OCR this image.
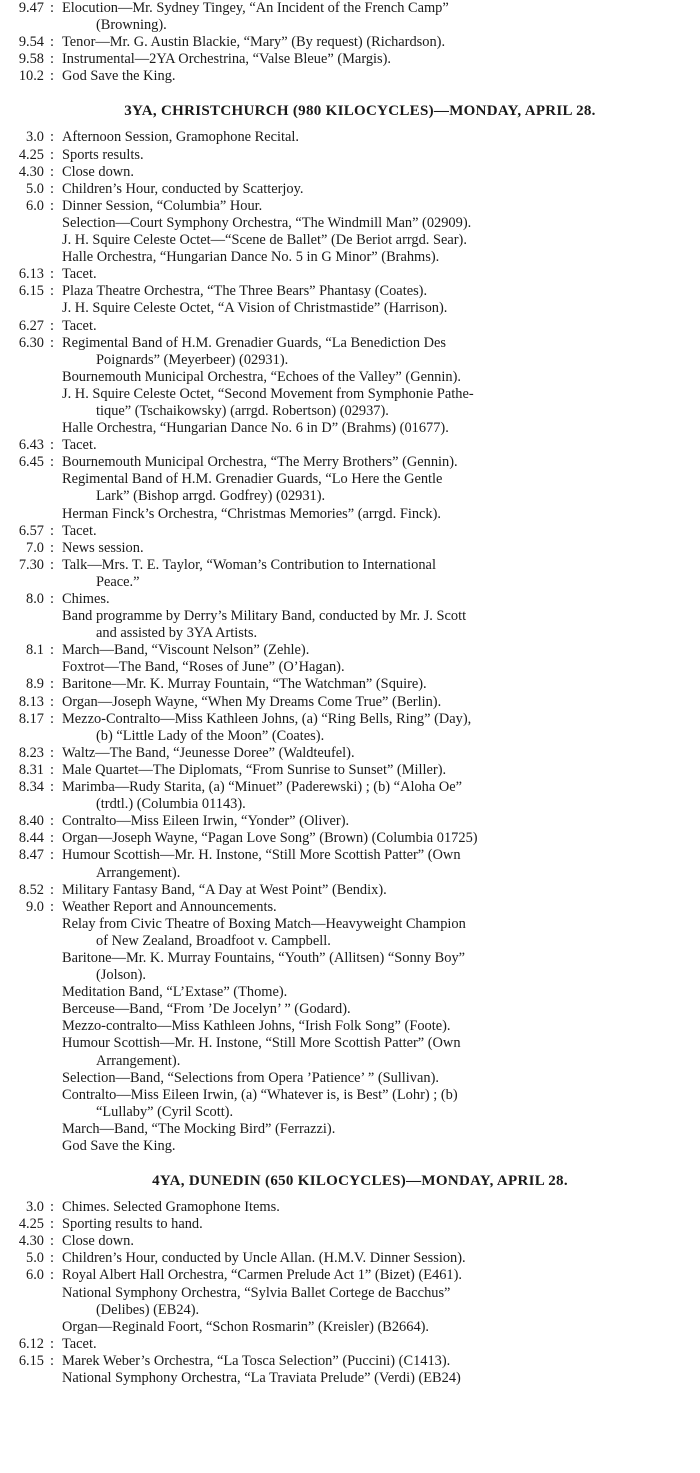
9.47 : Elocution—Mr. Sydney Tingey, “An Incident of the French Camp”
(Browning).
9.54 : Tenor—Mr. G. Austin Blackie, “Mary” (By request) (Richardson).
9.58 : Instrumental—2YA Orchestrina, “Valse Bleue” (Margis).
10.2 : God Save the King.
3YA, CHRISTCHURCH (980 KILOCYCLES)—MONDAY, APRIL 28.
3.0 : Afternoon Session, Gramophone Recital.
4.25 : Sports results.
4.30 : Close down.
5.0 : Children’s Hour, conducted by Scatterjoy.
6.0 : Dinner Session, “Columbia” Hour.
Selection—Court Symphony Orchestra, “The Windmill Man” (02909).
J. H. Squire Celeste Octet—“Scene de Ballet” (De Beriot arrgd. Sear).
Halle Orchestra, “Hungarian Dance No. 5 in G Minor” (Brahms).
6.13 : Tacet.
6.15 : Plaza Theatre Orchestra, “The Three Bears” Phantasy (Coates).
J. H. Squire Celeste Octet, “A Vision of Christmastide” (Harrison).
6.27 : Tacet.
6.30 : Regimental Band of H.M. Grenadier Guards, “La Benediction Des
Poignards” (Meyerbeer) (02931).
Bournemouth Municipal Orchestra, “Echoes of the Valley” (Gennin).
J. H. Squire Celeste Octet, “Second Movement from Symphonie Pathe-
tique” (Tschaikowsky) (arrgd. Robertson) (02937).
Halle Orchestra, “Hungarian Dance No. 6 in D” (Brahms) (01677).
6.43 : Tacet.
6.45 : Bournemouth Municipal Orchestra, “The Merry Brothers” (Gennin).
Regimental Band of H.M. Grenadier Guards, “Lo Here the Gentle
Lark” (Bishop arrgd. Godfrey) (02931).
Herman Finck’s Orchestra, “Christmas Memories” (arrgd. Finck).
6.57 : Tacet.
7.0 : News session.
7.30 : Talk—Mrs. T. E. Taylor, “Woman’s Contribution to International
Peace.”
8.0 : Chimes.
Band programme by Derry’s Military Band, conducted by Mr. J. Scott
and assisted by 3YA Artists.
8.1 : March—Band, “Viscount Nelson” (Zehle).
Foxtrot—The Band, “Roses of June” (O’Hagan).
8.9 : Baritone—Mr. K. Murray Fountain, “The Watchman” (Squire).
8.13 : Organ—Joseph Wayne, “When My Dreams Come True” (Berlin).
8.17 : Mezzo-Contralto—Miss Kathleen Johns, (a) “Ring Bells, Ring” (Day),
(b) “Little Lady of the Moon” (Coates).
8.23 : Waltz—The Band, “Jeunesse Doree” (Waldteufel).
8.31 : Male Quartet—The Diplomats, “From Sunrise to Sunset” (Miller).
8.34 : Marimba—Rudy Starita, (a) “Minuet” (Paderewski) ; (b) “Aloha Oe”
(trdtl.) (Columbia 01143).
8.40 : Contralto—Miss Eileen Irwin, “Yonder” (Oliver).
8.44 : Organ—Joseph Wayne, “Pagan Love Song” (Brown) (Columbia 01725)
8.47 : Humour Scottish—Mr. H. Instone, “Still More Scottish Patter” (Own
Arrangement).
8.52 : Military Fantasy Band, “A Day at West Point” (Bendix).
9.0 : Weather Report and Announcements.
Relay from Civic Theatre of Boxing Match—Heavyweight Champion
of New Zealand, Broadfoot v. Campbell.
Baritone—Mr. K. Murray Fountains, “Youth” (Allitsen) “Sonny Boy”
(Jolson).
Meditation Band, “L’Extase” (Thome).
Berceuse—Band, “From ’De Jocelyn’ ” (Godard).
Mezzo-contralto—Miss Kathleen Johns, “Irish Folk Song” (Foote).
Humour Scottish—Mr. H. Instone, “Still More Scottish Patter” (Own
Arrangement).
Selection—Band, “Selections from Opera ’Patience’ ” (Sullivan).
Contralto—Miss Eileen Irwin, (a) “Whatever is, is Best” (Lohr) ; (b)
“Lullaby” (Cyril Scott).
March—Band, “The Mocking Bird” (Ferrazzi).
God Save the King.
4YA, DUNEDIN (650 KILOCYCLES)—MONDAY, APRIL 28.
3.0 : Chimes. Selected Gramophone Items.
4.25 : Sporting results to hand.
4.30 : Close down.
5.0 : Children’s Hour, conducted by Uncle Allan. (H.M.V. Dinner Session).
6.0 : Royal Albert Hall Orchestra, “Carmen Prelude Act 1” (Bizet) (E461).
National Symphony Orchestra, “Sylvia Ballet Cortege de Bacchus”
(Delibes) (EB24).
Organ—Reginald Foort, “Schon Rosmarin” (Kreisler) (B2664).
6.12 : Tacet.
6.15 : Marek Weber’s Orchestra, “La Tosca Selection” (Puccini) (C1413).
National Symphony Orchestra, “La Traviata Prelude” (Verdi) (EB24)
